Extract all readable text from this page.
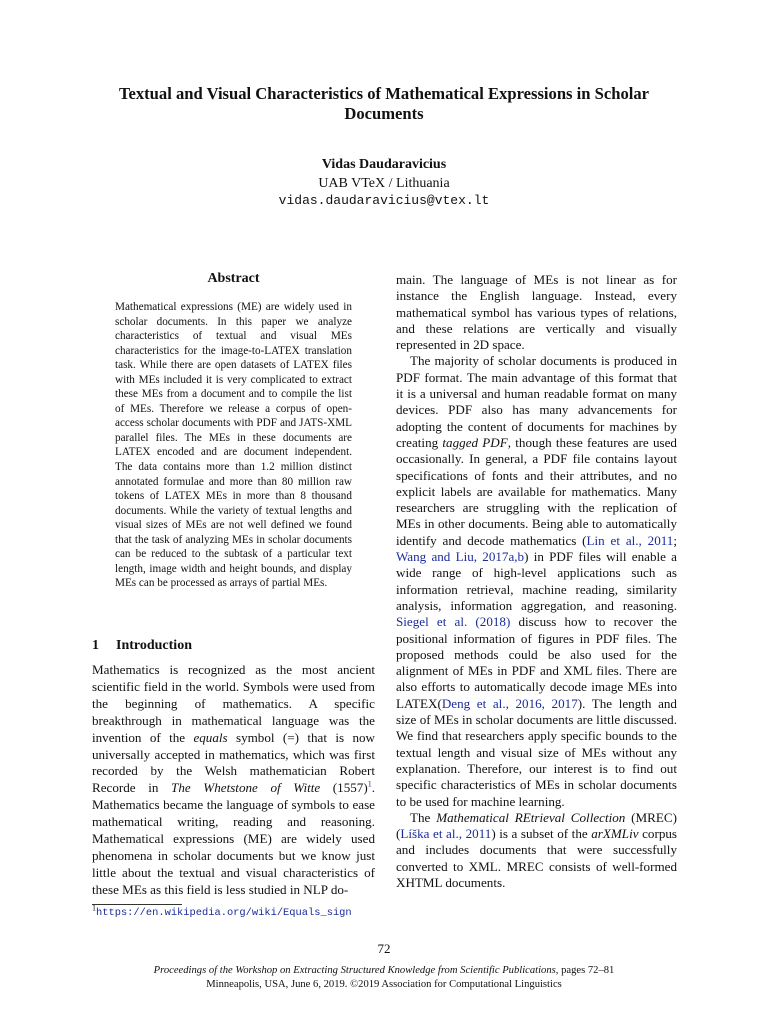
Textual and Visual Characteristics of Mathematical Expressions in Scholar Documents
Vidas Daudaravicius
UAB VTeX / Lithuania
vidas.daudaravicius@vtex.lt
Abstract
Mathematical expressions (ME) are widely used in scholar documents. In this paper we analyze characteristics of textual and visual MEs characteristics for the image-to-LATEX translation task. While there are open datasets of LATEX files with MEs included it is very complicated to extract these MEs from a document and to compile the list of MEs. Therefore we release a corpus of open-access scholar documents with PDF and JATS-XML parallel files. The MEs in these documents are LATEX encoded and are document independent. The data contains more than 1.2 million distinct annotated formulae and more than 80 million raw tokens of LATEX MEs in more than 8 thousand documents. While the variety of textual lengths and visual sizes of MEs are not well defined we found that the task of analyzing MEs in scholar documents can be reduced to the subtask of a particular text length, image width and height bounds, and display MEs can be processed as arrays of partial MEs.
1 Introduction
Mathematics is recognized as the most ancient scientific field in the world. Symbols were used from the beginning of mathematics. A specific breakthrough in mathematical language was the invention of the equals symbol (=) that is now universally accepted in mathematics, which was first recorded by the Welsh mathematician Robert Recorde in The Whetstone of Witte $(1557)^1$. Mathematics became the language of symbols to ease mathematical writing, reading and reasoning. Mathematical expressions (ME) are widely used phenomena in scholar documents but we know just little about the textual and visual characteristics of these MEs as this field is less studied in NLP do-

main. The language of MEs is not linear as for instance the English language. Instead, every mathematical symbol has various types of relations, and these relations are vertically and visually represented in 2D space.

The majority of scholar documents is produced in PDF format. The main advantage of this format that it is a universal and human readable format on many devices. PDF also has many advancements for adopting the content of documents for machines by creating tagged PDF, though these features are used occasionally. In general, a PDF file contains layout specifications of fonts and their attributes, and no explicit labels are available for mathematics. Many researchers are struggling with the replication of MEs in other documents. Being able to automatically identify and decode mathematics (Lin et al., 2011; Wang and Liu, 2017a,b) in PDF files will enable a wide range of high-level applications such as information retrieval, machine reading, similarity analysis, information aggregation, and reasoning. Siegel et al. (2018) discuss how to recover the positional information of figures in PDF files. The proposed methods could be also used for the alignment of MEs in PDF and XML files. There are also efforts to automatically decode image MEs into LATEX(Deng et al., 2016, 2017). The length and size of MEs in scholar documents are little discussed. We find that researchers apply specific bounds to the textual length and visual size of MEs without any explanation. Therefore, our interest is to find out specific characteristics of MEs in scholar documents to be used for machine learning.

The Mathematical REtrieval Collection (MREC) (Líška et al., 2011) is a subset of the arXMLiv corpus and includes documents that were successfully converted to XML. MREC consists of well-formed XHTML documents.

$^1$https://en.wikipedia.org/wiki/Equals_sign
72
Proceedings of the Workshop on Extracting Structured Knowledge from Scientific Publications, pages 72–81
Minneapolis, USA, June 6, 2019. ©2019 Association for Computational Linguistics
